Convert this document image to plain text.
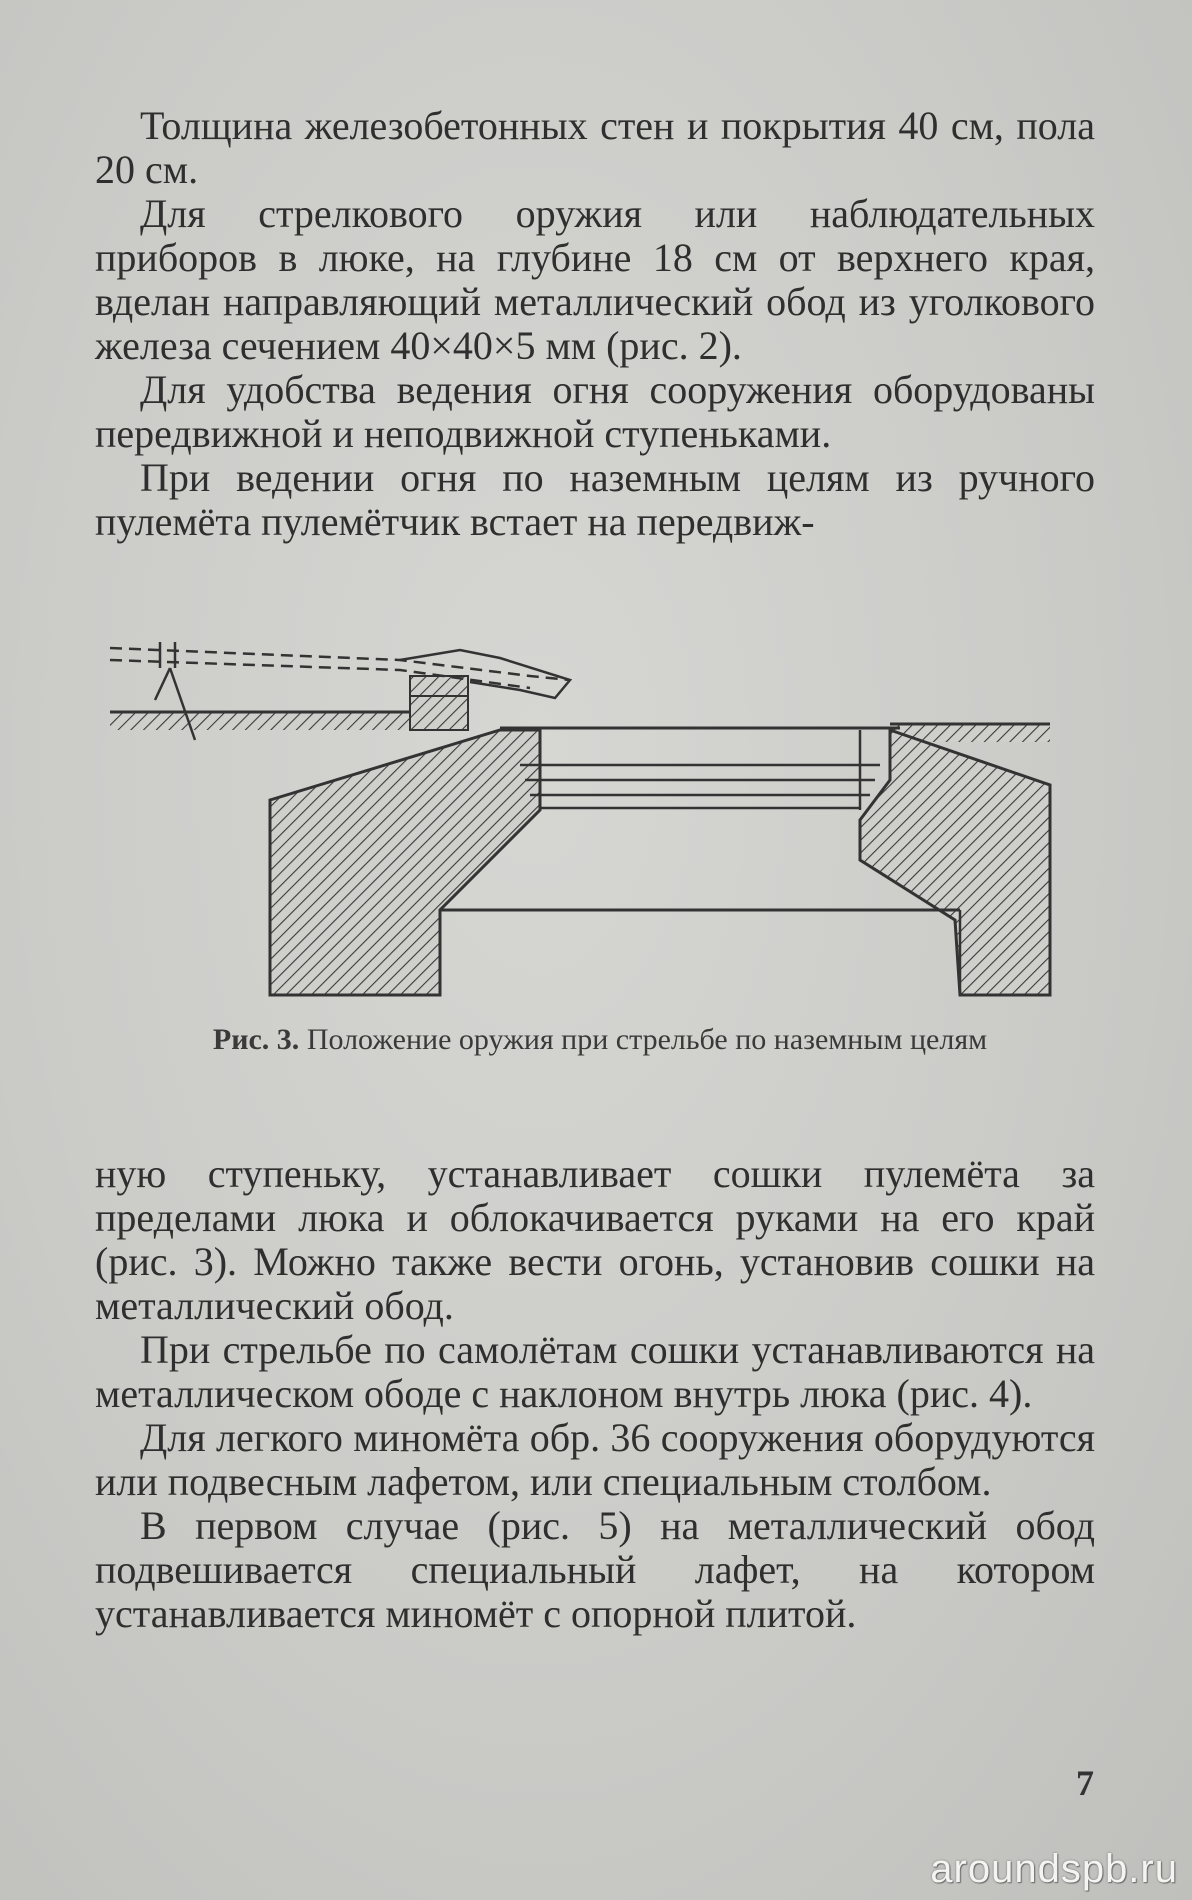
Толщина железобетонных стен и покрытия 40 см, пола 20 см.

Для стрелкового оружия или наблюдательных приборов в люке, на глубине 18 см от верхнего края, вделан направляющий металлический обод из уголкового железа сечением 40×40×5 мм (рис. 2).

Для удобства ведения огня сооружения оборудованы передвижной и неподвижной ступеньками.

При ведении огня по наземным целям из ручного пулемёта пулемётчик встает на передвиж-

Рис. 3. Положение оружия при стрельбе по наземным целям

ную ступеньку, устанавливает сошки пулемёта за пределами люка и облокачивается руками на его край (рис. 3). Можно также вести огонь, установив сошки на металлический обод.

При стрельбе по самолётам сошки устанавливаются на металлическом ободе с наклоном внутрь люка (рис. 4).

Для легкого миномёта обр. 36 сооружения оборудуются или подвесным лафетом, или специальным столбом.

В первом случае (рис. 5) на металлический обод подвешивается специальный лафет, на котором устанавливается миномёт с опорной плитой.

7
aroundspb.ru
